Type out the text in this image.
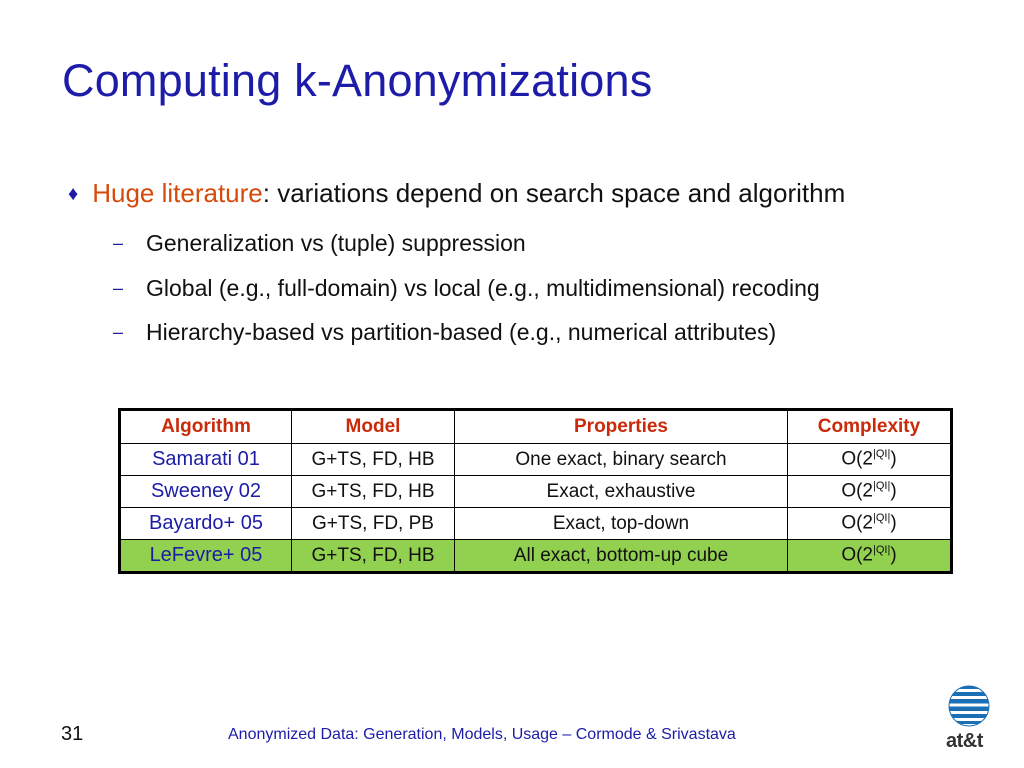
Computing k-Anonymizations
♦ Huge literature: variations depend on search space and algorithm
– Generalization vs (tuple) suppression
– Global (e.g., full-domain) vs local (e.g., multidimensional) recoding
– Hierarchy-based vs partition-based (e.g., numerical attributes)
Algorithm	Model	Properties	Complexity
Samarati 01	G+TS, FD, HB	One exact, binary search	$O(2^{|QI|})$
Sweeney 02	G+TS, FD, HB	Exact, exhaustive	$O(2^{|QI|})$
Bayardo+ 05	G+TS, FD, PB	Exact, top-down	$O(2^{|QI|})$
LeFevre+ 05	G+TS, FD, HB	All exact, bottom-up cube	$O(2^{|QI|})$
31	Anonymized Data: Generation, Models, Usage – Cormode & Srivastava	at&t
